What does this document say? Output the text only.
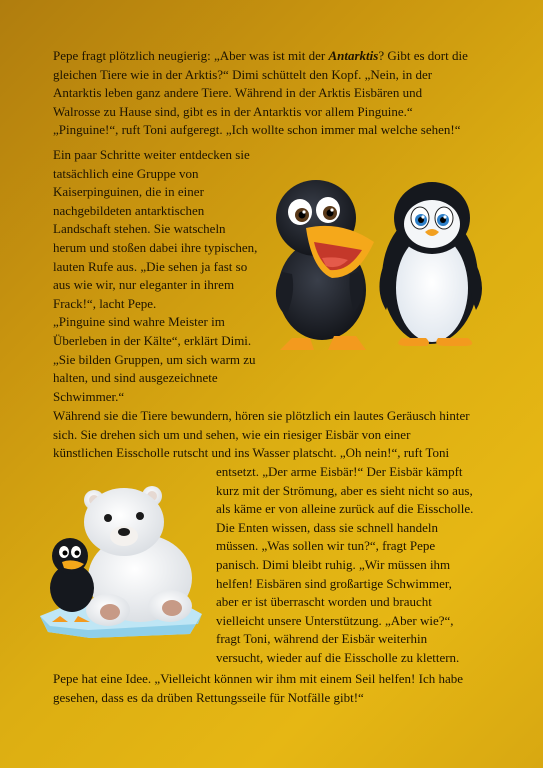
Pepe fragt plötzlich neugierig: „Aber was ist mit der Antarktis? Gibt es dort die
gleichen Tiere wie in der Arktis?“ Dimi schüttelt den Kopf. „Nein, in der
Antarktis leben ganz andere Tiere. Während in der Arktis Eisbären und
Walrosse zu Hause sind, gibt es in der Antarktis vor allem Pinguine.“
„Pinguine!“, ruft Toni aufgeregt. „Ich wollte schon immer mal welche sehen!“

Ein paar Schritte weiter entdecken sie
tatsächlich eine Gruppe von
Kaiserpinguinen, die in einer
nachgebildeten antarktischen
Landschaft stehen. Sie watscheln
herum und stoßen dabei ihre typischen,
lauten Rufe aus. „Die sehen ja fast so
aus wie wir, nur eleganter in ihrem
Frack!“, lacht Pepe.
„Pinguine sind wahre Meister im
Überleben in der Kälte“, erklärt Dimi.
„Sie bilden Gruppen, um sich warm zu
halten, und sind ausgezeichnete
Schwimmer.“

Während sie die Tiere bewundern, hören sie plötzlich ein lautes Geräusch hinter
sich. Sie drehen sich um und sehen, wie ein riesiger Eisbär von einer
künstlichen Eisscholle rutscht und ins Wasser platscht. „Oh nein!“, ruft Toni

entsetzt. „Der arme Eisbär!“ Der Eisbär kämpft
kurz mit der Strömung, aber es sieht nicht so aus,
als käme er von alleine zurück auf die Eisscholle.
Die Enten wissen, dass sie schnell handeln
müssen. „Was sollen wir tun?“, fragt Pepe
panisch. Dimi bleibt ruhig. „Wir müssen ihm
helfen! Eisbären sind großartige Schwimmer,
aber er ist überrascht worden und braucht
vielleicht unsere Unterstützung. „Aber wie?“,
fragt Toni, während der Eisbär weiterhin
versucht, wieder auf die Eisscholle zu klettern.

Pepe hat eine Idee. „Vielleicht können wir ihm mit einem Seil helfen! Ich habe
gesehen, dass es da drüben Rettungsseile für Notfälle gibt!“
